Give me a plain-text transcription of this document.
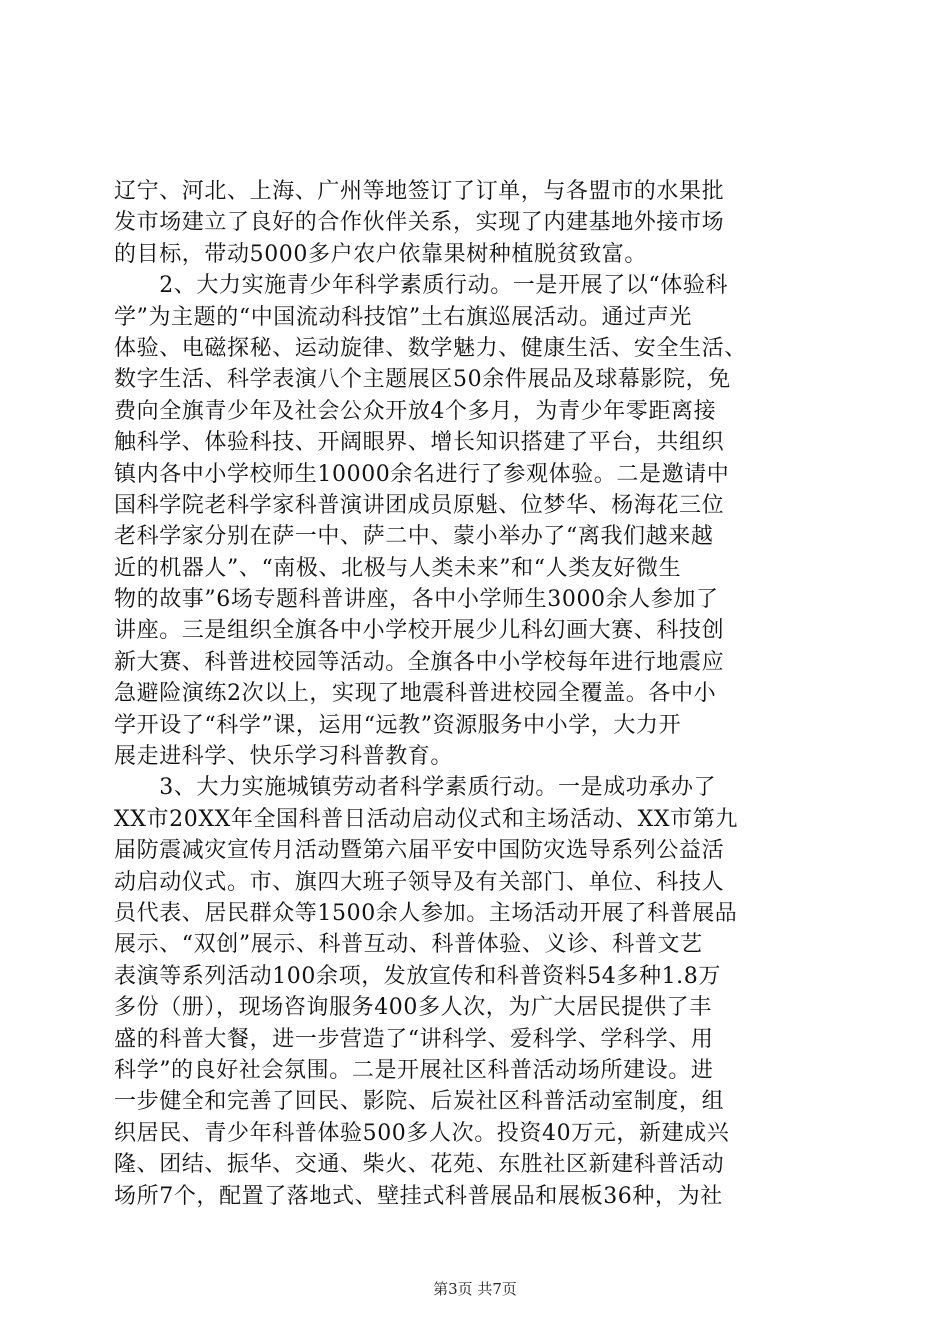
辽宁、河北、上海、广州等地签订了订单，与各盟市的水果批
发市场建立了良好的合作伙伴关系，实现了内建基地外接市场
的目标，带动5000多户农户依靠果树种植脱贫致富。
　　2、大力实施青少年科学素质行动。一是开展了以“体验科
学”为主题的“中国流动科技馆”土右旗巡展活动。通过声光
体验、电磁探秘、运动旋律、数学魅力、健康生活、安全生活、
数字生活、科学表演八个主题展区50余件展品及球幕影院，免
费向全旗青少年及社会公众开放4个多月，为青少年零距离接
触科学、体验科技、开阔眼界、增长知识搭建了平台，共组织
镇内各中小学校师生10000余名进行了参观体验。二是邀请中
国科学院老科学家科普演讲团成员原魁、位梦华、杨海花三位
老科学家分别在萨一中、萨二中、蒙小举办了“离我们越来越
近的机器人”、“南极、北极与人类未来”和“人类友好微生
物的故事”6场专题科普讲座，各中小学师生3000余人参加了
讲座。三是组织全旗各中小学校开展少儿科幻画大赛、科技创
新大赛、科普进校园等活动。全旗各中小学校每年进行地震应
急避险演练2次以上，实现了地震科普进校园全覆盖。各中小
学开设了“科学”课，运用“远教”资源服务中小学，大力开
展走进科学、快乐学习科普教育。
　　3、大力实施城镇劳动者科学素质行动。一是成功承办了
XX市20XX年全国科普日活动启动仪式和主场活动、XX市第九
届防震减灾宣传月活动暨第六届平安中国防灾选导系列公益活
动启动仪式。市、旗四大班子领导及有关部门、单位、科技人
员代表、居民群众等1500余人参加。主场活动开展了科普展品
展示、“双创”展示、科普互动、科普体验、义诊、科普文艺
表演等系列活动100余项，发放宣传和科普资料54多种1.8万
多份（册），现场咨询服务400多人次，为广大居民提供了丰
盛的科普大餐，进一步营造了“讲科学、爱科学、学科学、用
科学”的良好社会氛围。二是开展社区科普活动场所建设。进
一步健全和完善了回民、影院、后炭社区科普活动室制度，组
织居民、青少年科普体验500多人次。投资40万元，新建成兴
隆、团结、振华、交通、柴火、花苑、东胜社区新建科普活动
场所7个，配置了落地式、壁挂式科普展品和展板36种，为社
第3页 共7页
